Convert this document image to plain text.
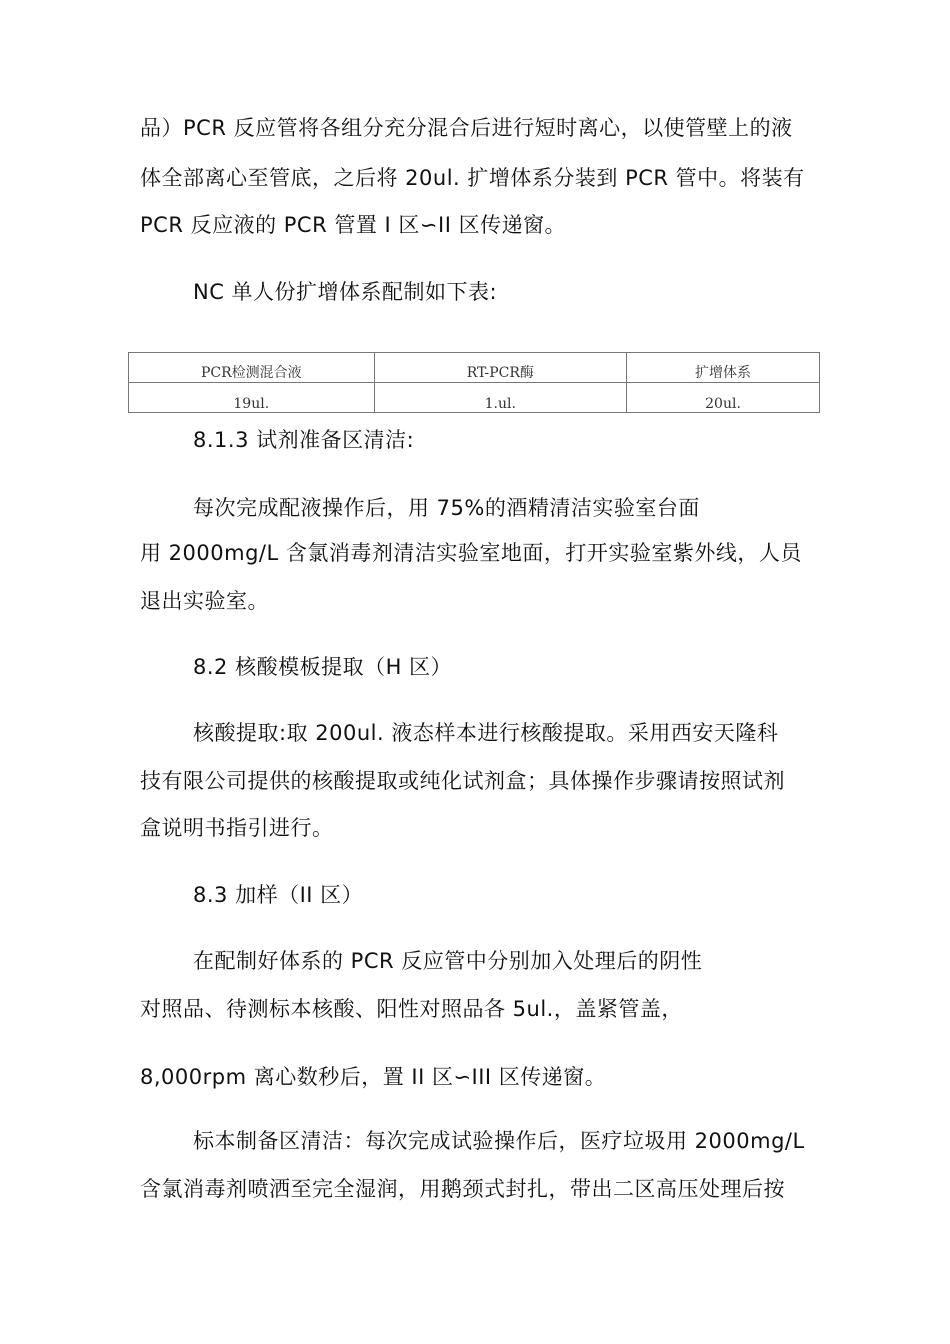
品）PCR 反应管将各组分充分混合后进行短时离心，以使管壁上的液
体全部离心至管底，之后将 20ul. 扩增体系分装到 PCR 管中。将装有
PCR 反应液的 PCR 管置 I 区∽II 区传递窗。
NC 单人份扩增体系配制如下表:
PCR检测混合液	RT-PCR酶	扩增体系
19ul.	1.ul.	20ul.
8.1.3 试剂准备区清洁:
每次完成配液操作后，用 75%的酒精清洁实验室台面
用 2000mg/L 含氯消毒剂清洁实验室地面，打开实验室紫外线，人员
退出实验室。
8.2 核酸模板提取（H 区）
核酸提取:取 200ul. 液态样本进行核酸提取。采用西安天隆科
技有限公司提供的核酸提取或纯化试剂盒；具体操作步骤请按照试剂
盒说明书指引进行。
8.3 加样（II 区）
在配制好体系的 PCR 反应管中分别加入处理后的阴性
对照品、待测标本核酸、阳性对照品各 5ul.，盖紧管盖，
8,000rpm 离心数秒后，置 II 区∽III 区传递窗。
标本制备区清洁：每次完成试验操作后，医疗垃圾用 2000mg/L
含氯消毒剂喷洒至完全湿润，用鹅颈式封扎，带出二区高压处理后按
